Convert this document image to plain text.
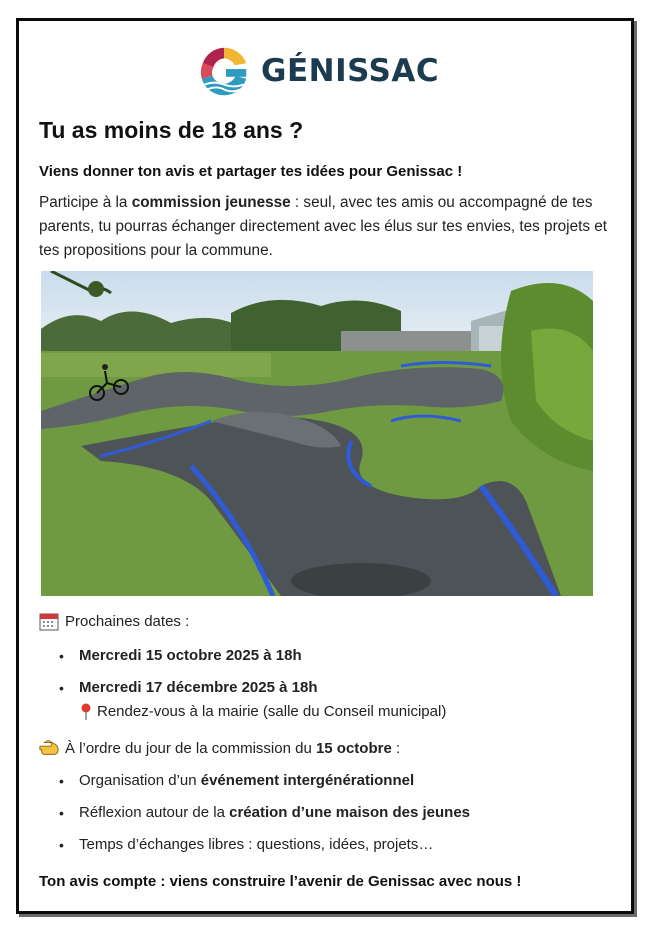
GÉNISSAC
Tu as moins de 18 ans ?

Viens donner ton avis et partager tes idées pour Genissac !

Participe à la commission jeunesse : seul, avec tes amis ou accompagné de tes parents, tu pourras échanger directement avec les élus sur tes envies, tes projets et tes propositions pour la commune.

Prochaines dates :
• Mercredi 15 octobre 2025 à 18h
• Mercredi 17 décembre 2025 à 18h
Rendez-vous à la mairie (salle du Conseil municipal)
À l’ordre du jour de la commission du 15 octobre :
• Organisation d’un événement intergénérationnel
• Réflexion autour de la création d’une maison des jeunes
• Temps d’échanges libres : questions, idées, projets…

Ton avis compte : viens construire l’avenir de Genissac avec nous !
